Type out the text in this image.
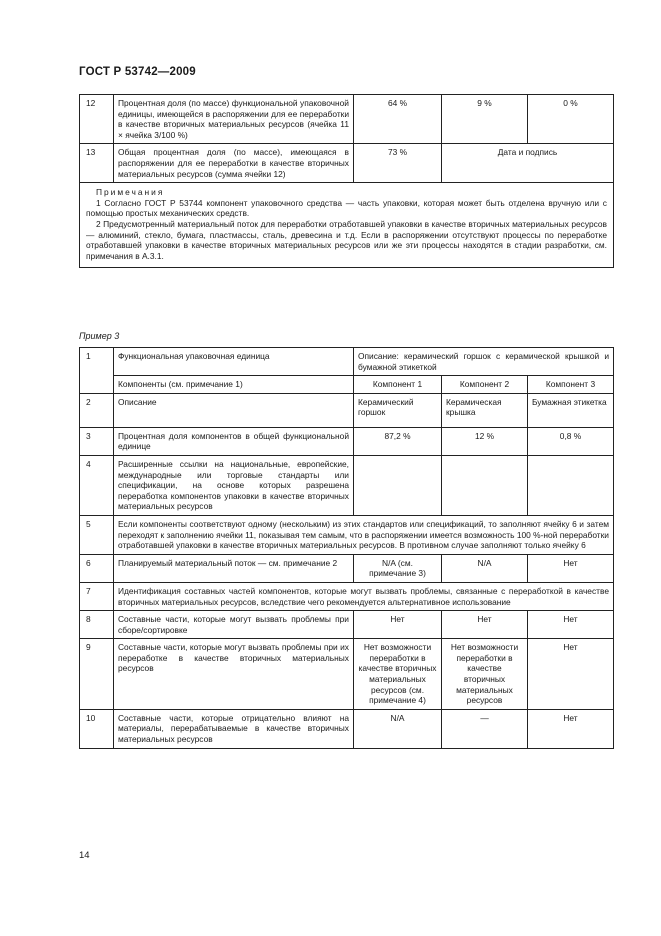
ГОСТ Р 53742—2009
12	Процентная доля (по массе) функциональной упаковочной единицы, имеющейся в распоряжении для ее переработки в качестве вторичных материальных ресурсов (ячейка 11 × ячейка 3/100 %)	64 %	9 %	0 %
13	Общая процентная доля (по массе), имеющаяся в распоряжении для ее переработки в качестве вторичных материальных ресурсов (сумма ячейки 12)	73 %	Дата и подпись	

Примечания

1 Согласно ГОСТ Р 53744 компонент упаковочного средства — часть упаковки, которая может быть отделена вручную или с помощью простых механических средств.

2 Предусмотренный материальный поток для переработки отработавшей упаковки в качестве вторичных материальных ресурсов — алюминий, стекло, бумага, пластмассы, сталь, древесина и т.д. Если в распоряжении отсутствуют процессы по переработке отработавшей упаковки в качестве вторичных материальных ресурсов или же эти процессы находятся в стадии разработки, см. примечания в А.3.1.				

Пример 3
1	Функциональная упаковочная единица	Описание: керамический горшок с керамической крышкой и бумажной этикеткой		
	Компоненты (см. примечание 1)	Компонент 1	Компонент 2	Компонент 3
2	Описание	Керамический горшок	Керамическая крышка	Бумажная этикетка
3	Процентная доля компонентов в общей функциональной единице	87,2 %	12 %	0,8 %
4	Расширенные ссылки на национальные, европейские, международные или торговые стандарты или спецификации, на основе которых разрешена переработка компонентов упаковки в качестве вторичных материальных ресурсов			
5	Если компоненты соответствуют одному (нескольким) из этих стандартов или спецификаций, то заполняют ячейку 6 и затем переходят к заполнению ячейки 11, показывая тем самым, что в распоряжении имеется возможность 100 %-ной переработки отработавшей упаковки в качестве вторичных материальных ресурсов. В противном случае заполняют только ячейку 6			
6	Планируемый материальный поток — см. примечание 2	N/A (см. примечание 3)	N/A	Нет
7	Идентификация составных частей компонентов, которые могут вызвать проблемы, связанные с переработкой в качестве вторичных материальных ресурсов, вследствие чего рекомендуется альтернативное использование			
8	Составные части, которые могут вызвать проблемы при сборе/сортировке	Нет	Нет	Нет
9	Составные части, которые могут вызвать проблемы при их переработке в качестве вторичных материальных ресурсов	Нет возможности переработки в качестве вторичных материальных ресурсов (см. примечание 4)	Нет возможности переработки в качестве вторичных материальных ресурсов	Нет
10	Составные части, которые отрицательно влияют на материалы, перерабатываемые в качестве вторичных материальных ресурсов	N/A	—	Нет
14
